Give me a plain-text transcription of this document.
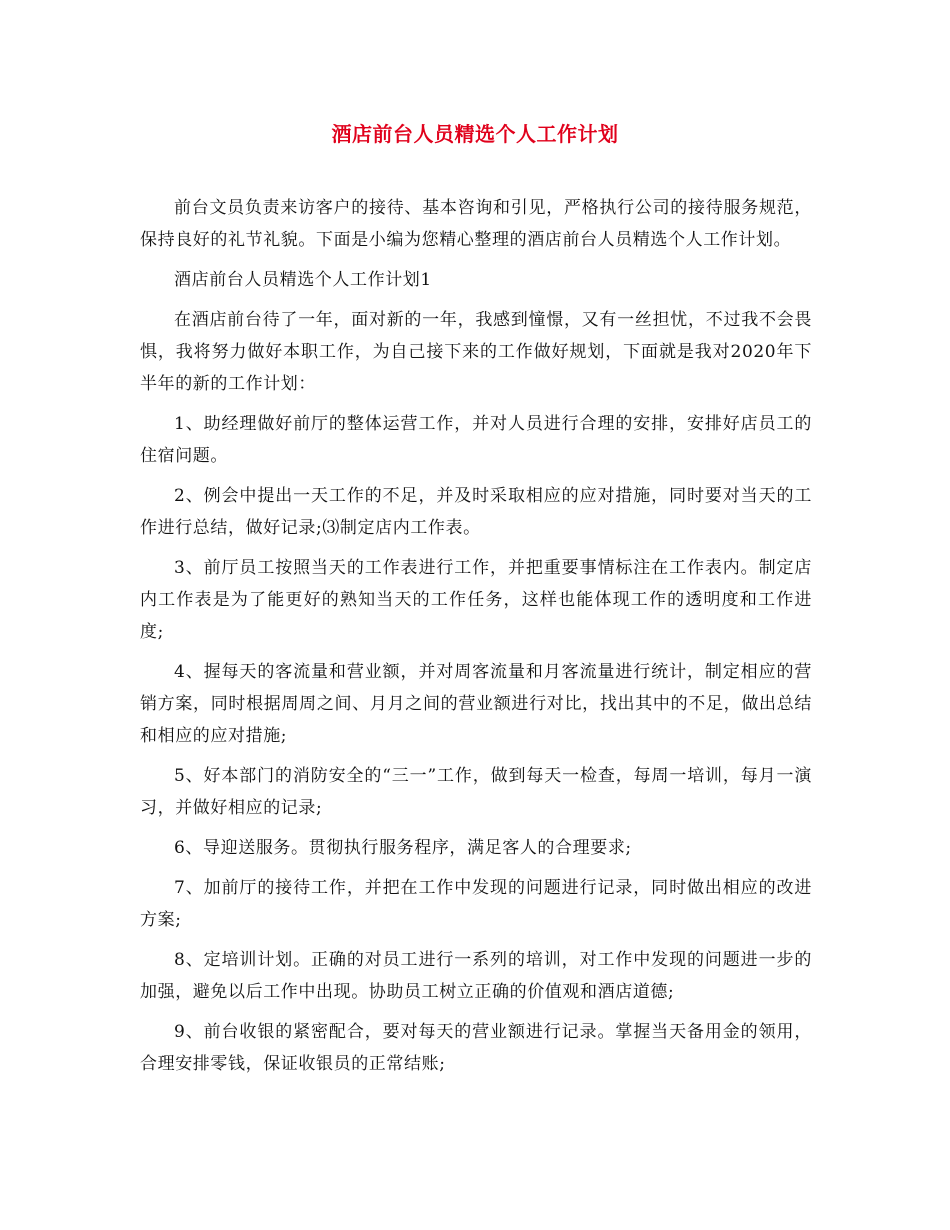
酒店前台人员精选个人工作计划

前台文员负责来访客户的接待、基本咨询和引见，严格执行公司的接待服务规范，保持良好的礼节礼貌。下面是小编为您精心整理的酒店前台人员精选个人工作计划。

酒店前台人员精选个人工作计划1

在酒店前台待了一年，面对新的一年，我感到憧憬，又有一丝担忧，不过我不会畏惧，我将努力做好本职工作，为自己接下来的工作做好规划，下面就是我对2020年下半年的新的工作计划：

1、助经理做好前厅的整体运营工作，并对人员进行合理的安排，安排好店员工的住宿问题。

2、例会中提出一天工作的不足，并及时采取相应的应对措施，同时要对当天的工作进行总结，做好记录;⑶制定店内工作表。

3、前厅员工按照当天的工作表进行工作，并把重要事情标注在工作表内。制定店内工作表是为了能更好的熟知当天的工作任务，这样也能体现工作的透明度和工作进度;

4、握每天的客流量和营业额，并对周客流量和月客流量进行统计，制定相应的营销方案，同时根据周周之间、月月之间的营业额进行对比，找出其中的不足，做出总结和相应的应对措施;

5、好本部门的消防安全的“三一”工作，做到每天一检查，每周一培训，每月一演习，并做好相应的记录;

6、导迎送服务。贯彻执行服务程序，满足客人的合理要求;

7、加前厅的接待工作，并把在工作中发现的问题进行记录，同时做出相应的改进方案;

8、定培训计划。正确的对员工进行一系列的培训，对工作中发现的问题进一步的加强，避免以后工作中出现。协助员工树立正确的价值观和酒店道德;

9、前台收银的紧密配合，要对每天的营业额进行记录。掌握当天备用金的领用，合理安排零钱，保证收银员的正常结账;
